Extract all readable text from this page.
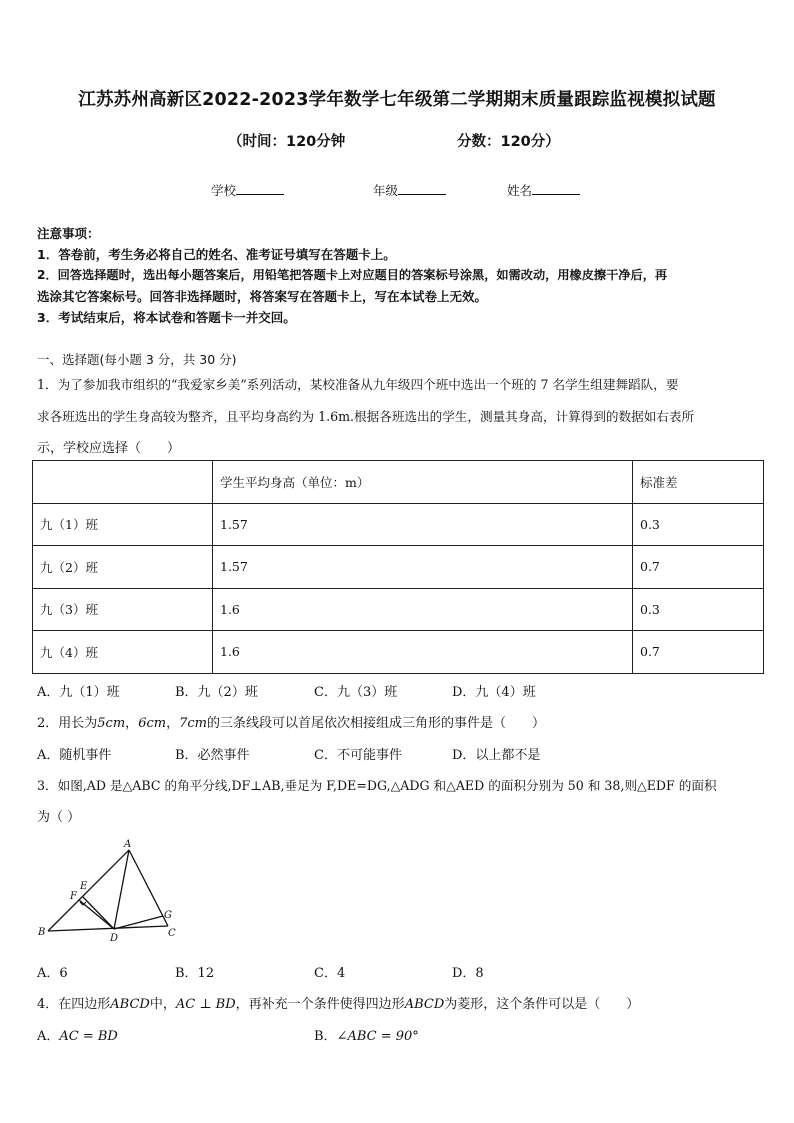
江苏苏州高新区2022-2023学年数学七年级第二学期期末质量跟踪监视模拟试题
（时间：120分钟	分数：120分）
学校	年级	姓名
注意事项：
1．答卷前，考生务必将自己的姓名、准考证号填写在答题卡上。
2．回答选择题时，选出每小题答案后，用铅笔把答题卡上对应题目的答案标号涂黑，如需改动，用橡皮擦干净后，再
选涂其它答案标号。回答非选择题时，将答案写在答题卡上，写在本试卷上无效。
3．考试结束后，将本试卷和答题卡一并交回。
一、选择题(每小题 3 分，共 30 分)
1．为了参加我市组织的“我爱家乡美”系列活动，某校准备从九年级四个班中选出一个班的 7 名学生组建舞蹈队，要
求各班选出的学生身高较为整齐，且平均身高约为 1.6m.根据各班选出的学生，测量其身高，计算得到的数据如右表所
示，学校应选择（　　）
	学生平均身高（单位：m）	标准差
九（1）班	1.57	0.3
九（2）班	1.57	0.7
九（3）班	1.6	0.3
九（4）班	1.6	0.7
A．九（1）班	B．九（2）班	C．九（3）班	D．九（4）班
2．用长为5cm，6cm，7cm的三条线段可以首尾依次相接组成三角形的事件是（　　）
A．随机事件	B．必然事件	C．不可能事件	D．以上都不是
3．如图,AD 是△ABC 的角平分线,DF⊥AB,垂足为 F,DE=DG,△ADG 和△AED 的面积分别为 50 和 38,则△EDF 的面积
为（ ）
A
B	C
D
E
F
G
A．6	B．12	C．4	D．8
4．在四边形ABCD中，AC ⊥ BD，再补充一个条件使得四边形ABCD为菱形，这个条件可以是（　　）
A．AC = BD	B．∠ABC = 90°
